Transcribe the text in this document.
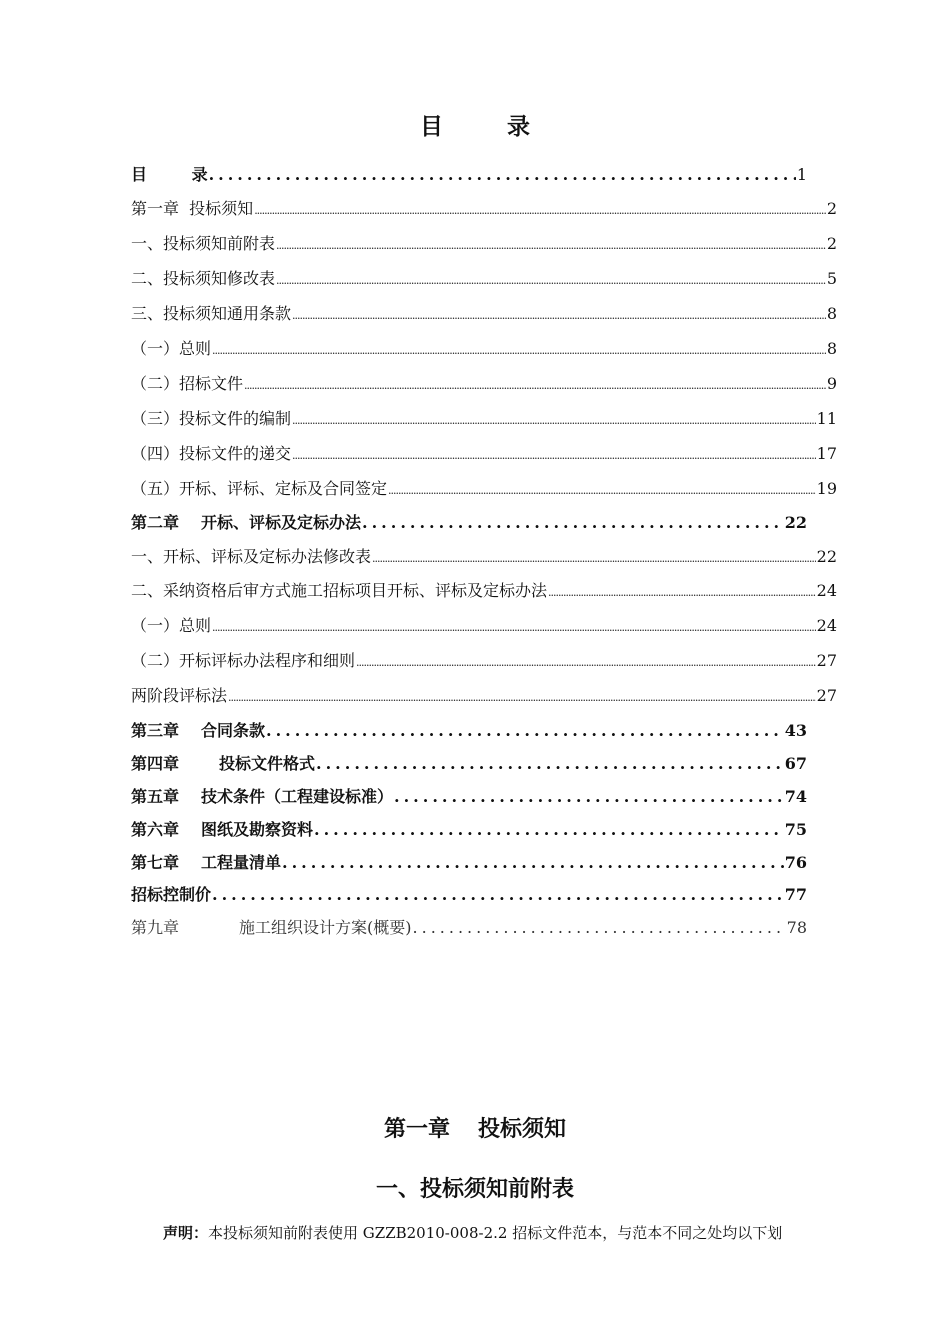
目	录
目        录 .....	1
第一章  投标须知 .....	2
一、投标须知前附表 .....	2
二、投标须知修改表 .....	5
三、投标须知通用条款 .....	8
（一）总则 .....	8
（二）招标文件 .....	9
（三）投标文件的编制 .....	11
（四）投标文件的递交 .....	17
（五）开标、评标、定标及合同签定 .....	19
第二章 开标、评标及定标办法 .....	22
一、开标、评标及定标办法修改表 .....	22
二、采纳资格后审方式施工招标项目开标、评标及定标办法 .....	24
（一）总则 .....	24
（二）开标评标办法程序和细则 .....	27
两阶段评标法 .....	27
第三章 合同条款 .....	43
第四章	投标文件格式 .....	67
第五章 技术条件（工程建设标准） .....	74
第六章 图纸及勘察资料 .....	75
第七章 工程量清单 .....	76
招标控制价 .....	77
第九章	施工组织设计方案(概要) .....	78
第一章 投标须知
一、投标须知前附表
声明：本投标须知前附表使用 GZZB2010-008-2.2 招标文件范本，与范本不同之处均以下划
